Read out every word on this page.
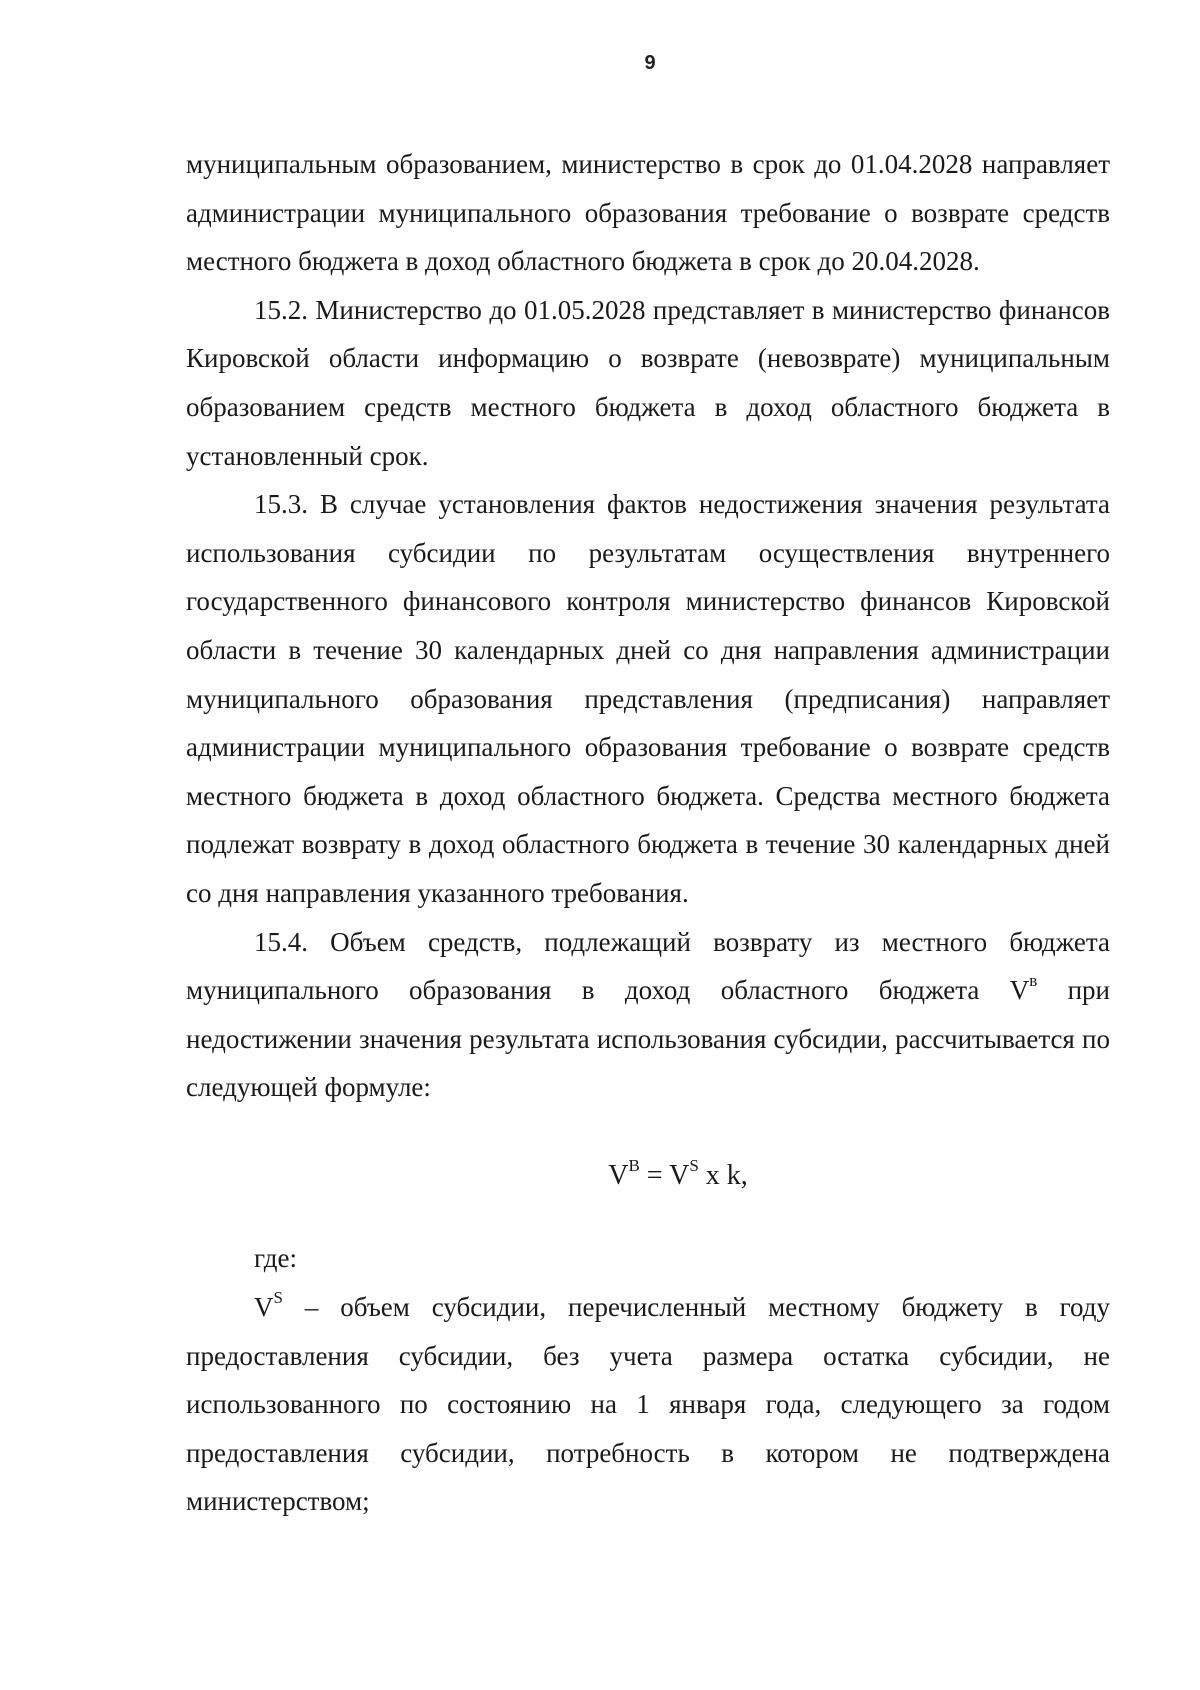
9

муниципальным образованием, министерство в срок до 01.04.2028 направляет администрации муниципального образования требование о возврате средств местного бюджета в доход областного бюджета в срок до 20.04.2028.

15.2. Министерство до 01.05.2028 представляет в министерство финансов Кировской области информацию о возврате (невозврате) муниципальным образованием средств местного бюджета в доход областного бюджета в установленный срок.

15.3. В случае установления фактов недостижения значения результата использования субсидии по результатам осуществления внутреннего государственного финансового контроля министерство финансов Кировской области в течение 30 календарных дней со дня направления администрации муниципального образования представления (предписания) направляет администрации муниципального образования требование о возврате средств местного бюджета в доход областного бюджета. Средства местного бюджета подлежат возврату в доход областного бюджета в течение 30 календарных дней со дня направления указанного требования.

15.4. Объем средств, подлежащий возврату из местного бюджета муниципального образования в доход областного бюджета $V^в$ при недостижении значения результата использования субсидии, рассчитывается по следующей формуле:

$V^B = V^S$ x k,

где:

$V^S$ – объем субсидии, перечисленный местному бюджету в году предоставления субсидии, без учета размера остатка субсидии, не использованного по состоянию на 1 января года, следующего за годом предоставления субсидии, потребность в котором не подтверждена министерством;
